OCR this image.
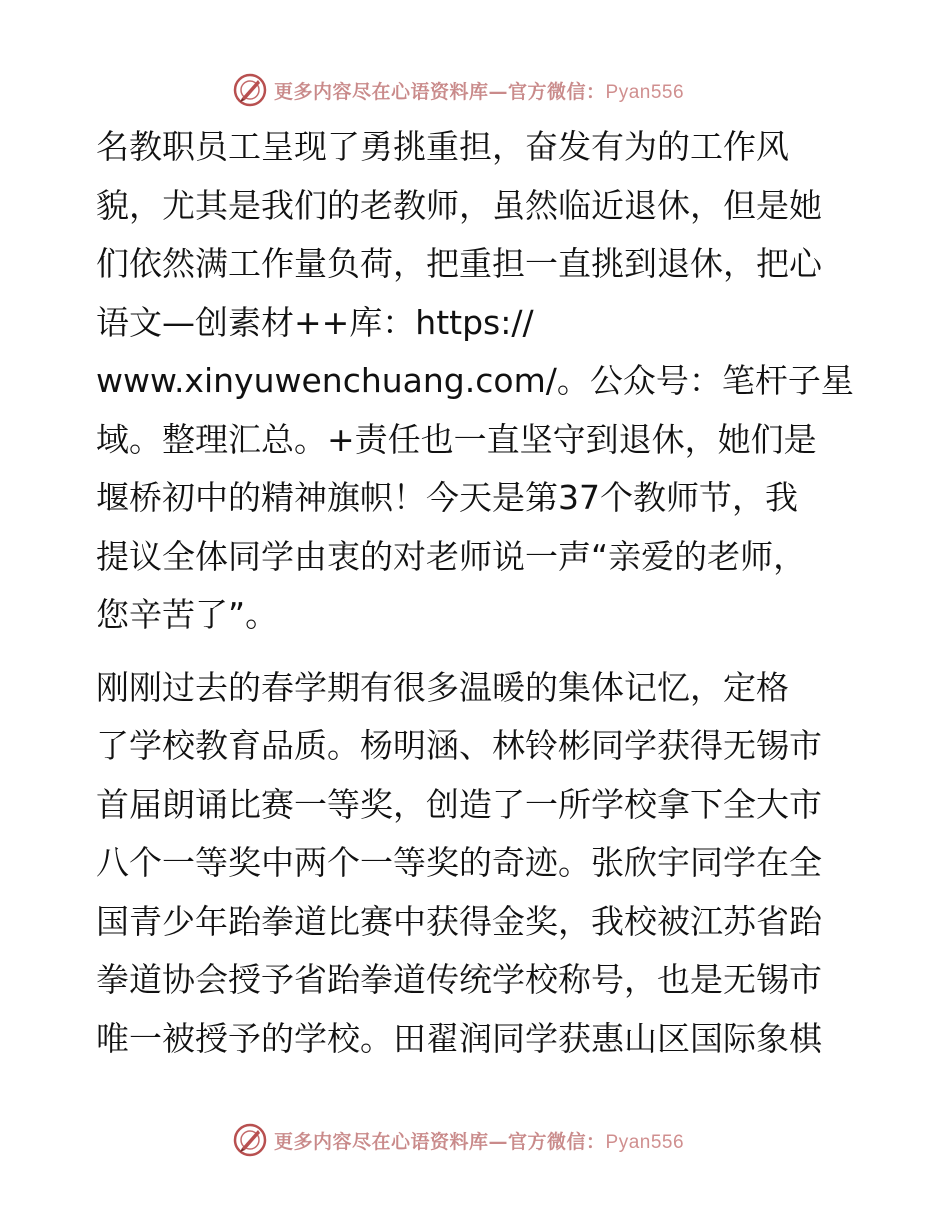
更多内容尽在心语资料库—官方微信：Pyan556

名教职员工呈现了勇挑重担，奋发有为的工作风
貌，尤其是我们的老教师，虽然临近退休，但是她
们依然满工作量负荷，把重担一直挑到退休，把心
语文—创素材++库：https://
www.xinyuwenchuang.com/。公众号：笔杆子星
域。整理汇总。+责任也一直坚守到退休，她们是
堰桥初中的精神旗帜！今天是第37个教师节，我
提议全体同学由衷的对老师说一声“亲爱的老师，
您辛苦了”。

刚刚过去的春学期有很多温暖的集体记忆，定格
了学校教育品质。杨明涵、林铃彬同学获得无锡市
首届朗诵比赛一等奖，创造了一所学校拿下全大市
八个一等奖中两个一等奖的奇迹。张欣宇同学在全
国青少年跆拳道比赛中获得金奖，我校被江苏省跆
拳道协会授予省跆拳道传统学校称号，也是无锡市
唯一被授予的学校。田翟润同学获惠山区国际象棋

更多内容尽在心语资料库—官方微信：Pyan556
